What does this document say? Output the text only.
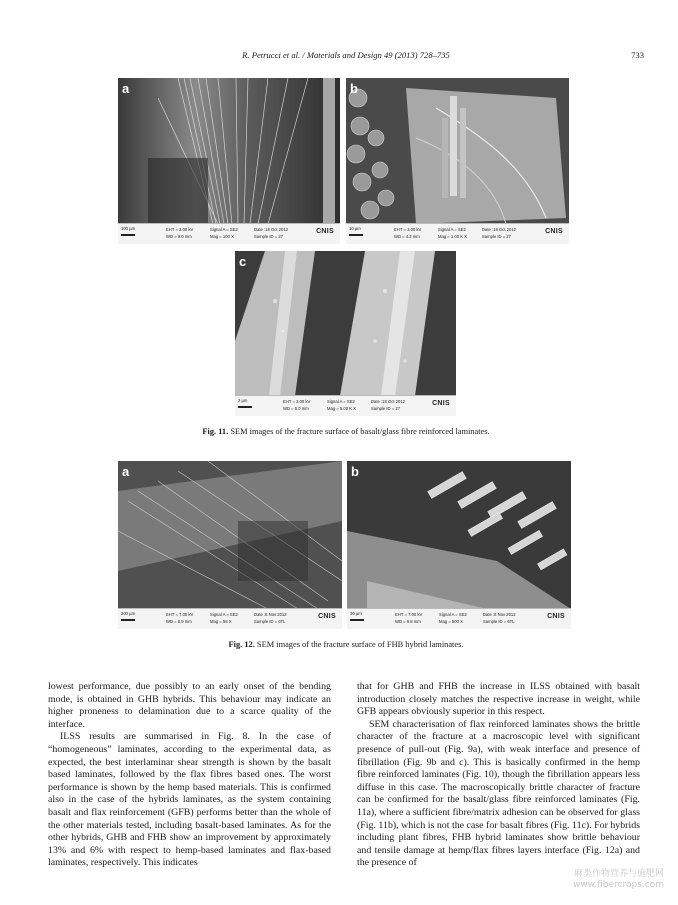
R. Petrucci et al. / Materials and Design 49 (2013) 728–735	733
a
100 µm	EHT = 3.00 kV
WD = 9.0 mm
Signal A = SE2
Mag = 100 X
Date :18 Oct 2012
Sample ID = 27
CNIS
b
10 µm	EHT = 3.00 kV
WD = 4.2 mm
Signal A = SE2
Mag = 1.00 K X
Date :18 Oct 2012
Sample ID = 27
CNIS
c
2 µm	EHT = 3.00 kV
WD = 5.0 mm
Signal A = SE2
Mag = 5.00 K X
Date :18 Oct 2012
Sample ID = 27
CNIS
Fig. 11. SEM images of the fracture surface of basalt/glass fibre reinforced laminates.
a
200 µm	EHT = 7.00 kV
WD = 8.9 mm
Signal A = SE2
Mag = 58 X
Date :8 Nov 2012
Sample ID = 6TL
CNIS
b
30 µm	EHT = 7.00 kV
WD = 9.8 mm
Signal A = SE2
Mag = 500 X
Date :8 Nov 2012
Sample ID = 6TL
CNIS
Fig. 12. SEM images of the fracture surface of FHB hybrid laminates.

lowest performance, due possibly to an early onset of the bending mode, is obtained in GHB hybrids. This behaviour may indicate an higher proneness to delamination due to a scarce quality of the interface.

ILSS results are summarised in Fig. 8. In the case of “homogeneous” laminates, according to the experimental data, as expected, the best interlaminar shear strength is shown by the basalt based laminates, followed by the flax fibres based ones. The worst performance is shown by the hemp based materials. This is confirmed also in the case of the hybrids laminates, as the system containing basalt and flax reinforcement (GFB) performs better than the whole of the other materials tested, including basalt-based laminates. As for the other hybrids, GHB and FHB show an improvement by approximately 13% and 6% with respect to hemp-based laminates and flax-based laminates, respectively. This indicates

that for GHB and FHB the increase in ILSS obtained with basalt introduction closely matches the respective increase in weight, while GFB appears obviously superior in this respect.

SEM characterisation of flax reinforced laminates shows the brittle character of the fracture at a macroscopic level with significant presence of pull-out (Fig. 9a), with weak interface and presence of fibrillation (Fig. 9b and c). This is basically confirmed in the hemp fibre reinforced laminates (Fig. 10), though the fibrillation appears less diffuse in this case. The macroscopically brittle character of fracture can be confirmed for the basalt/glass fibre reinforced laminates (Fig. 11a), where a sufficient fibre/matrix adhesion can be observed for glass (Fig. 11b), which is not the case for basalt fibres (Fig. 11c). For hybrids including plant fibres, FHB hybrid laminates show brittle behaviour and tensile damage at hemp/flax fibres layers interface (Fig. 12a) and the presence of

麻类作物营养与施肥网
www.fibercrops.com
